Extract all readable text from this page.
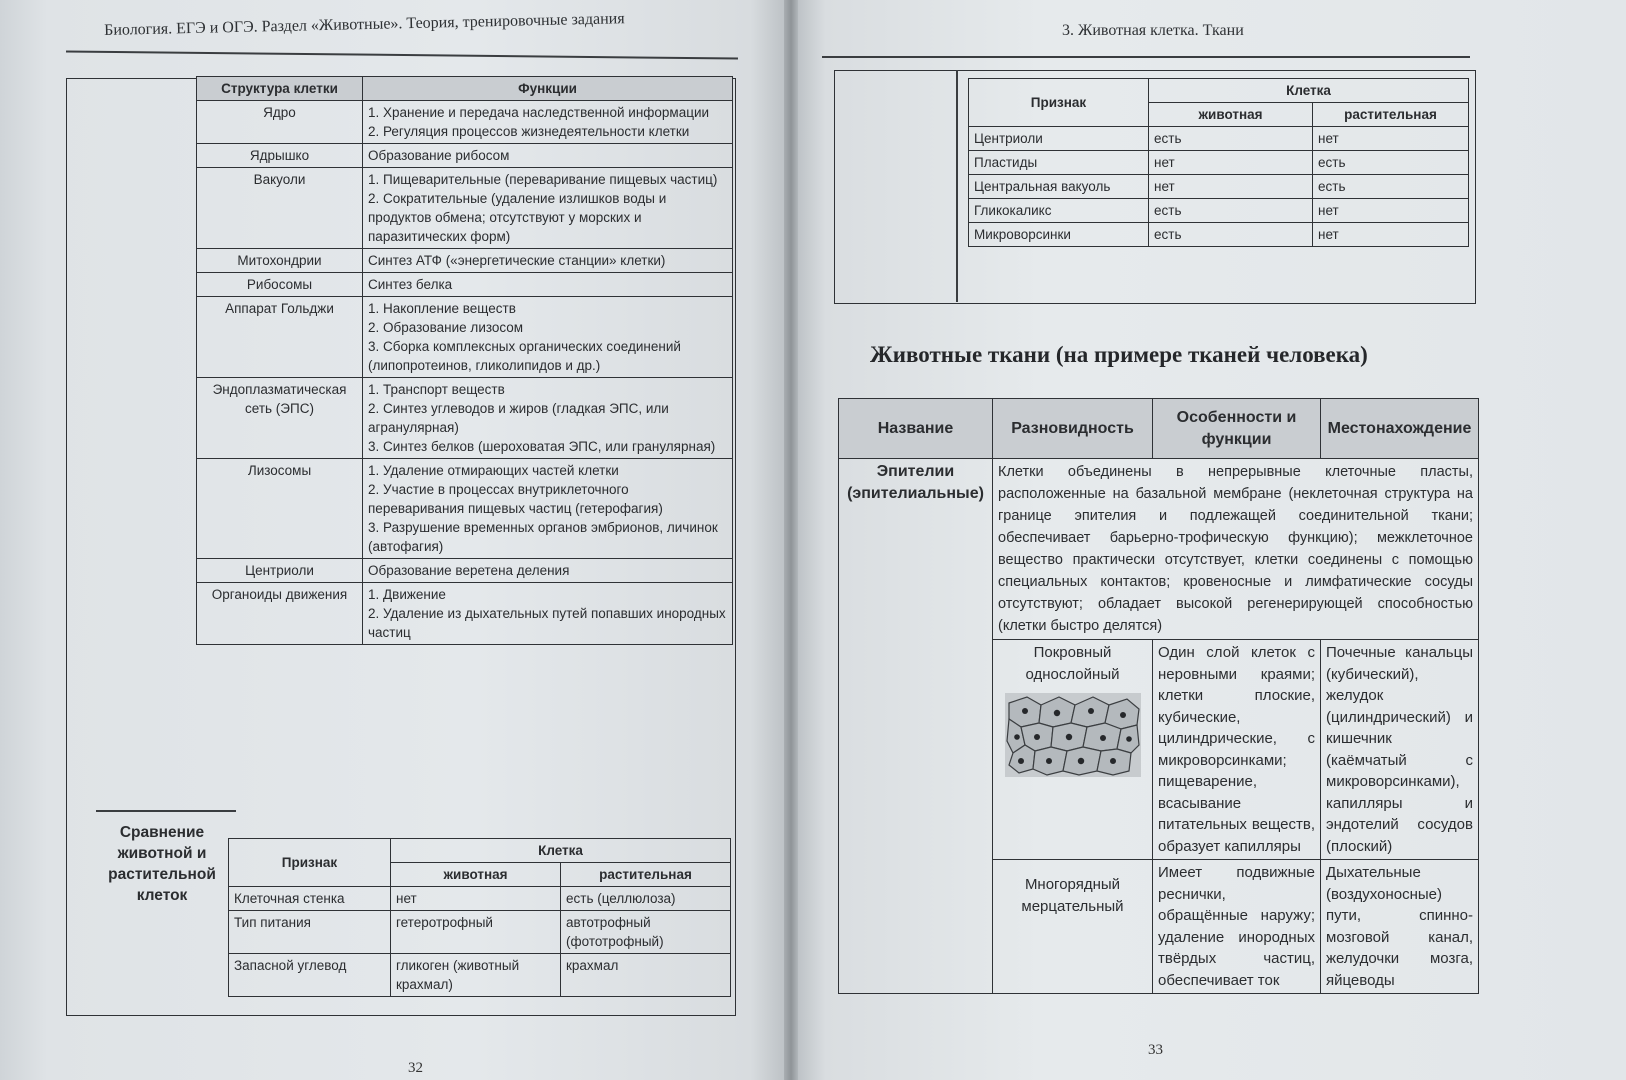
Биология. ЕГЭ и ОГЭ. Раздел «Животные». Теория, тренировочные задания
Структура клетки	Функции
Ядро	1. Хранение и передача наследственной информации
2. Регуляция процессов жизнедеятельности клетки

Ядрышко	Образование рибосом
Вакуоли	1. Пищеварительные (переваривание пищевых частиц)
2. Сократительные (удаление излишков воды и продуктов обмена; отсутствуют у морских и паразитических форм)

Митохондрии	Синтез АТФ («энергетические станции» клетки)
Рибосомы	Синтез белка
Аппарат Гольджи	1. Накопление веществ
2. Образование лизосом
3. Сборка комплексных органических соединений (липопротеинов, гликолипидов и др.)

Эндоплазматическая сеть (ЭПС)	1. Транспорт веществ
2. Синтез углеводов и жиров (гладкая ЭПС, или агранулярная)
3. Синтез белков (шероховатая ЭПС, или гранулярная)

Лизосомы	1. Удаление отмирающих частей клетки
2. Участие в процессах внутриклеточного переваривания пищевых частиц (гетерофагия)
3. Разрушение временных органов эмбрионов, личинок (автофагия)

Центриоли	Образование веретена деления
Органоиды движения	1. Движение
2. Удаление из дыхательных путей попавших инородных частиц
Сравнение животной и растительной клеток
Признак	Клетка	
	животная	растительная
Клеточная стенка	нет	есть (целлюлоза)
Тип питания	гетеротрофный	автотрофный (фототрофный)
Запасной углевод	гликоген (животный крахмал)	крахмал
32
3. Животная клетка. Ткани
Признак	Клетка	
	животная	растительная
Центриоли	есть	нет
Пластиды	нет	есть
Центральная вакуоль	нет	есть
Гликокаликс	есть	нет
Микроворсинки	есть	нет
Животные ткани (на примере тканей человека)
Название	Разновидность	Особенности и функции	Местонахождение
Эпителии (эпителиальные)	Клетки объединены в непрерывные клеточные пласты, расположенные на базальной мембране (неклеточная структура на границе эпителия и подлежащей соединительной ткани; обеспечивает барьерно-трофическую функцию); межклеточное вещество практически отсутствует, клетки соединены с помощью специальных контактов; кровеносные и лимфатические сосуды отсутствуют; обладает высокой регенерирующей способностью (клетки быстро делятся)		

	Покровный однослойный	Один слой клеток с неровными краями; клетки плоские, кубические, цилиндрические, с микроворсинками; пищеварение, всасывание питательных веществ, образует капилляры	Почечные канальцы (кубический), желудок (цилиндрический) и кишечник (каёмчатый с микроворсинками), капилляры и эндотелий сосудов (плоский)
	Многорядный мерцательный	Имеет подвижные реснички, обращённые наружу; удаление инородных твёрдых частиц, обеспечивает ток	Дыхательные (воздухоносные) пути, спинно-мозговой канал, желудочки мозга, яйцеводы
33
